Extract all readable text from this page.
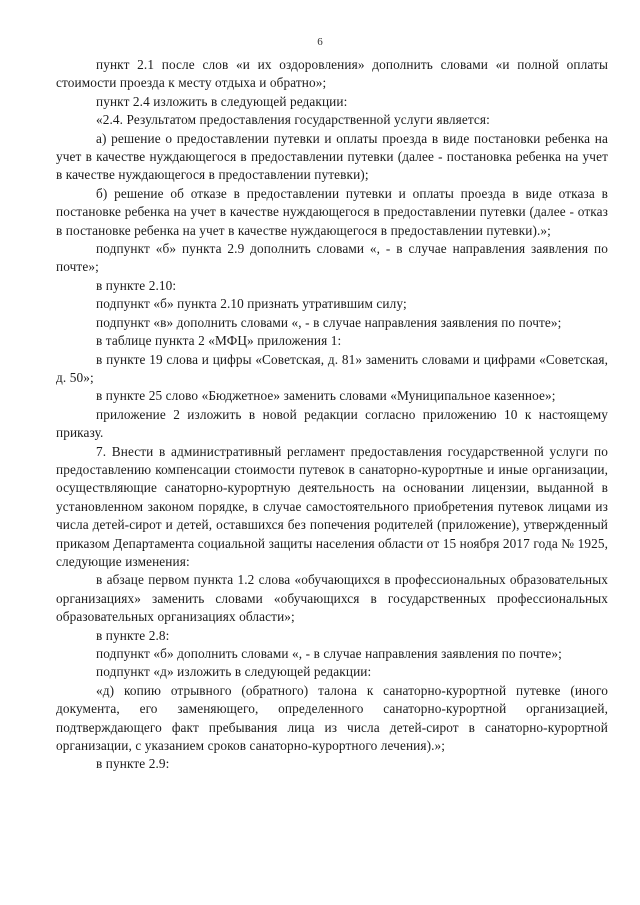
6

пункт 2.1 после слов «и их оздоровления» дополнить словами «и полной оплаты стоимости проезда к месту отдыха и обратно»;

пункт 2.4 изложить в следующей редакции:

«2.4. Результатом предоставления государственной услуги является:

а) решение о предоставлении путевки и оплаты проезда в виде постановки ребенка на учет в качестве нуждающегося в предоставлении путевки (далее - постановка ребенка на учет в качестве нуждающегося в предоставлении путевки);

б) решение об отказе в предоставлении путевки и оплаты проезда в виде отказа в постановке ребенка на учет в качестве нуждающегося в предоставлении путевки (далее - отказ в постановке ребенка на учет в качестве нуждающегося в предоставлении путевки).»;

подпункт «б» пункта 2.9 дополнить словами «, - в случае направления заявления по почте»;

в пункте 2.10:

подпункт «б» пункта 2.10 признать утратившим силу;

подпункт «в» дополнить словами «, - в случае направления заявления по почте»;

в таблице пункта 2 «МФЦ» приложения 1:

в пункте 19 слова и цифры «Советская, д. 81» заменить словами и цифрами «Советская, д. 50»;

в пункте 25 слово «Бюджетное» заменить словами «Муниципальное казенное»;

приложение 2 изложить в новой редакции согласно приложению 10 к настоящему приказу.

7. Внести в административный регламент предоставления государственной услуги по предоставлению компенсации стоимости путевок в санаторно-курортные и иные организации, осуществляющие санаторно-курортную деятельность на основании лицензии, выданной в установленном законом порядке, в случае самостоятельного приобретения путевок лицами из числа детей-сирот и детей, оставшихся без попечения родителей (приложение), утвержденный приказом Департамента социальной защиты населения области от 15 ноября 2017 года № 1925, следующие изменения:

в абзаце первом пункта 1.2 слова «обучающихся в профессиональных образовательных организациях» заменить словами «обучающихся в государственных профессиональных образовательных организациях области»;

в пункте 2.8:

подпункт «б» дополнить словами «, - в случае направления заявления по почте»;

подпункт «д» изложить в следующей редакции:

«д) копию отрывного (обратного) талона к санаторно-курортной путевке (иного документа, его заменяющего, определенного санаторно-курортной организацией, подтверждающего факт пребывания лица из числа детей-сирот в санаторно-курортной организации, с указанием сроков санаторно-курортного лечения).»;

в пункте 2.9:
